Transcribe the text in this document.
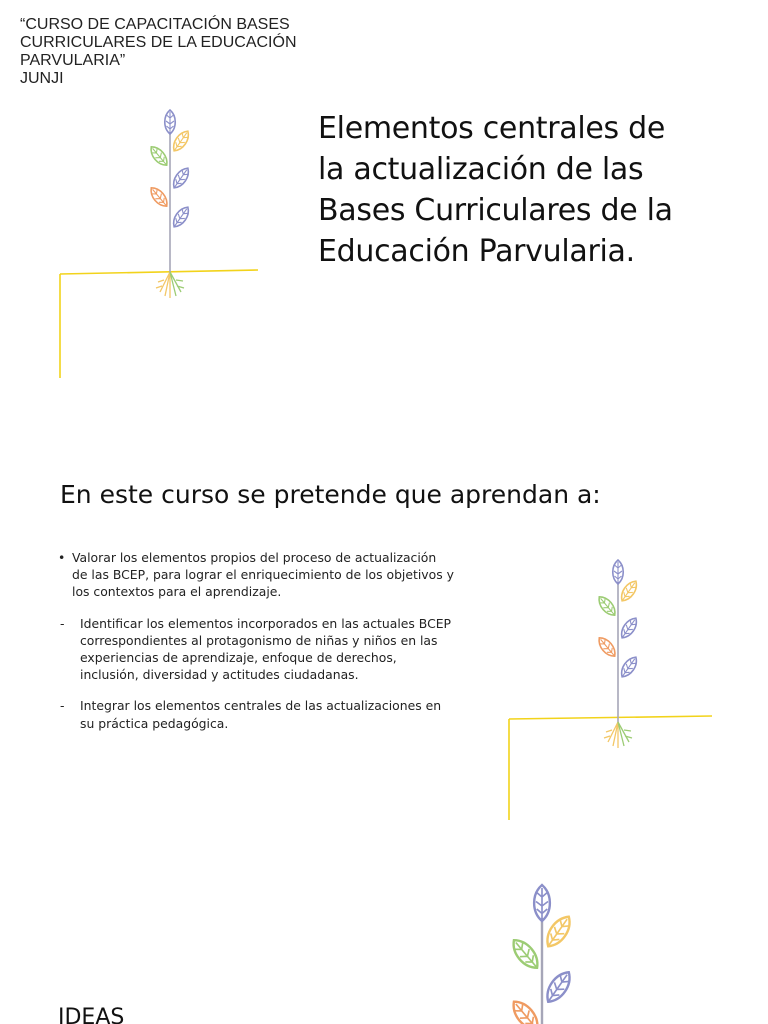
“CURSO DE CAPACITACIÓN BASES
CURRICULARES DE LA EDUCACIÓN
PARVULARIA”
JUNJI
Elementos centrales de
la actualización de las
Bases Curriculares de la
Educación Parvularia.
En este curso se pretende que aprendan a:
• Valorar los elementos propios del proceso de actualización
de las BCEP, para lograr el enriquecimiento de los objetivos y
los contextos para el aprendizaje.
- Identificar los elementos incorporados en las actuales BCEP
correspondientes al protagonismo de niñas y niños en las
experiencias de aprendizaje, enfoque de derechos,
inclusión, diversidad y actitudes ciudadanas.
- Integrar los elementos centrales de las actualizaciones en
su práctica pedagógica.
IDEAS
